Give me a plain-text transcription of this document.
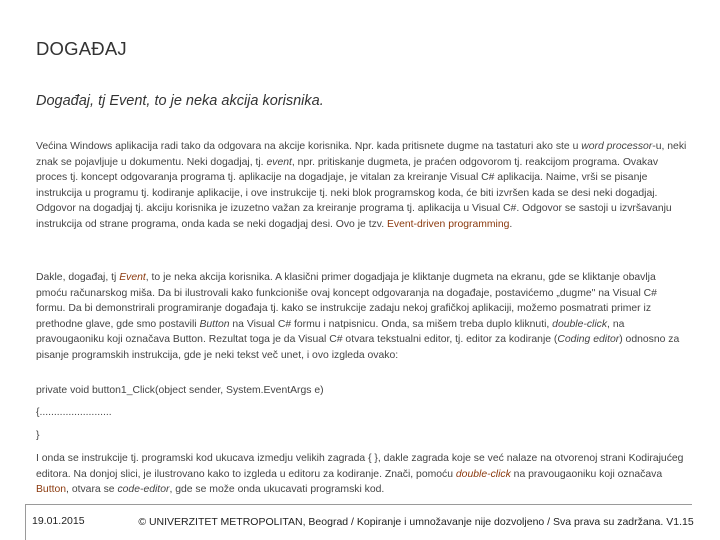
DOGAĐAJ
Događaj, tj Event, to je neka akcija korisnika.
Većina Windows aplikacija radi tako da odgovara na akcije korisnika. Npr. kada pritisnete dugme na tastaturi ako ste u word processor-u, neki znak se pojavljuje u dokumentu. Neki dogadjaj, tj. event, npr. pritiskanje dugmeta, je praćen odgovorom tj. reakcijom programa. Ovakav proces tj. koncept odgovaranja programa tj. aplikacije na dogadjaje, je vitalan za kreiranje Visual C# aplikacija. Naime, vrši se pisanje instrukcija u programu tj. kodiranje aplikacije, i ove instrukcije tj. neki blok programskog koda, će biti izvršen kada se desi neki dogadjaj. Odgovor na dogadjaj tj. akciju korisnika je izuzetno važan za kreiranje programa tj. aplikacija u Visual C#. Odgovor se sastoji u izvršavanju instrukcija od strane programa, onda kada se neki dogadjaj desi. Ovo je tzv. Event-driven programming.
Dakle, događaj, tj Event, to je neka akcija korisnika. A klasični primer dogadjaja je kliktanje dugmeta na ekranu, gde se kliktanje obavlja pmoću računarskog miša. Da bi ilustrovali kako funkcioniše ovaj koncept odgovaranja na događaje, postavićemo „dugme" na Visual C# formu. Da bi demonstrirali programiranje događaja tj. kako se instrukcije zadaju nekoj grafičkoj aplikaciji, možemo posmatrati primer iz prethodne glave, gde smo postavili Button na Visual C# formu i natpisnicu. Onda, sa mišem treba duplo kliknuti, double-click, na pravougaoniku koji označava Button. Rezultat toga je da Visual C# otvara tekstualni editor, tj. editor za kodiranje (Coding editor) odnosno za pisanje programskih instrukcija, gde je neki tekst več unet, i ovo izgleda ovako:
private void button1_Click(object sender, System.EventArgs e)
{.........................
}
I onda se instrukcije tj. programski kod ukucava izmedju velikih zagrada { }, dakle zagrada koje se već nalaze na otvorenoj strani Kodirajućeg editora. Na donjoj slici, je ilustrovano kako to izgleda u editoru za kodiranje. Znači, pomoću double-click na pravougaoniku koji označava Button, otvara se code-editor, gde se može onda ukucavati programski kod.
19.01.2015	© UNIVERZITET METROPOLITAN, Beograd / Kopiranje i umnožavanje nije dozvoljeno / Sva prava su zadržana. V1.15
